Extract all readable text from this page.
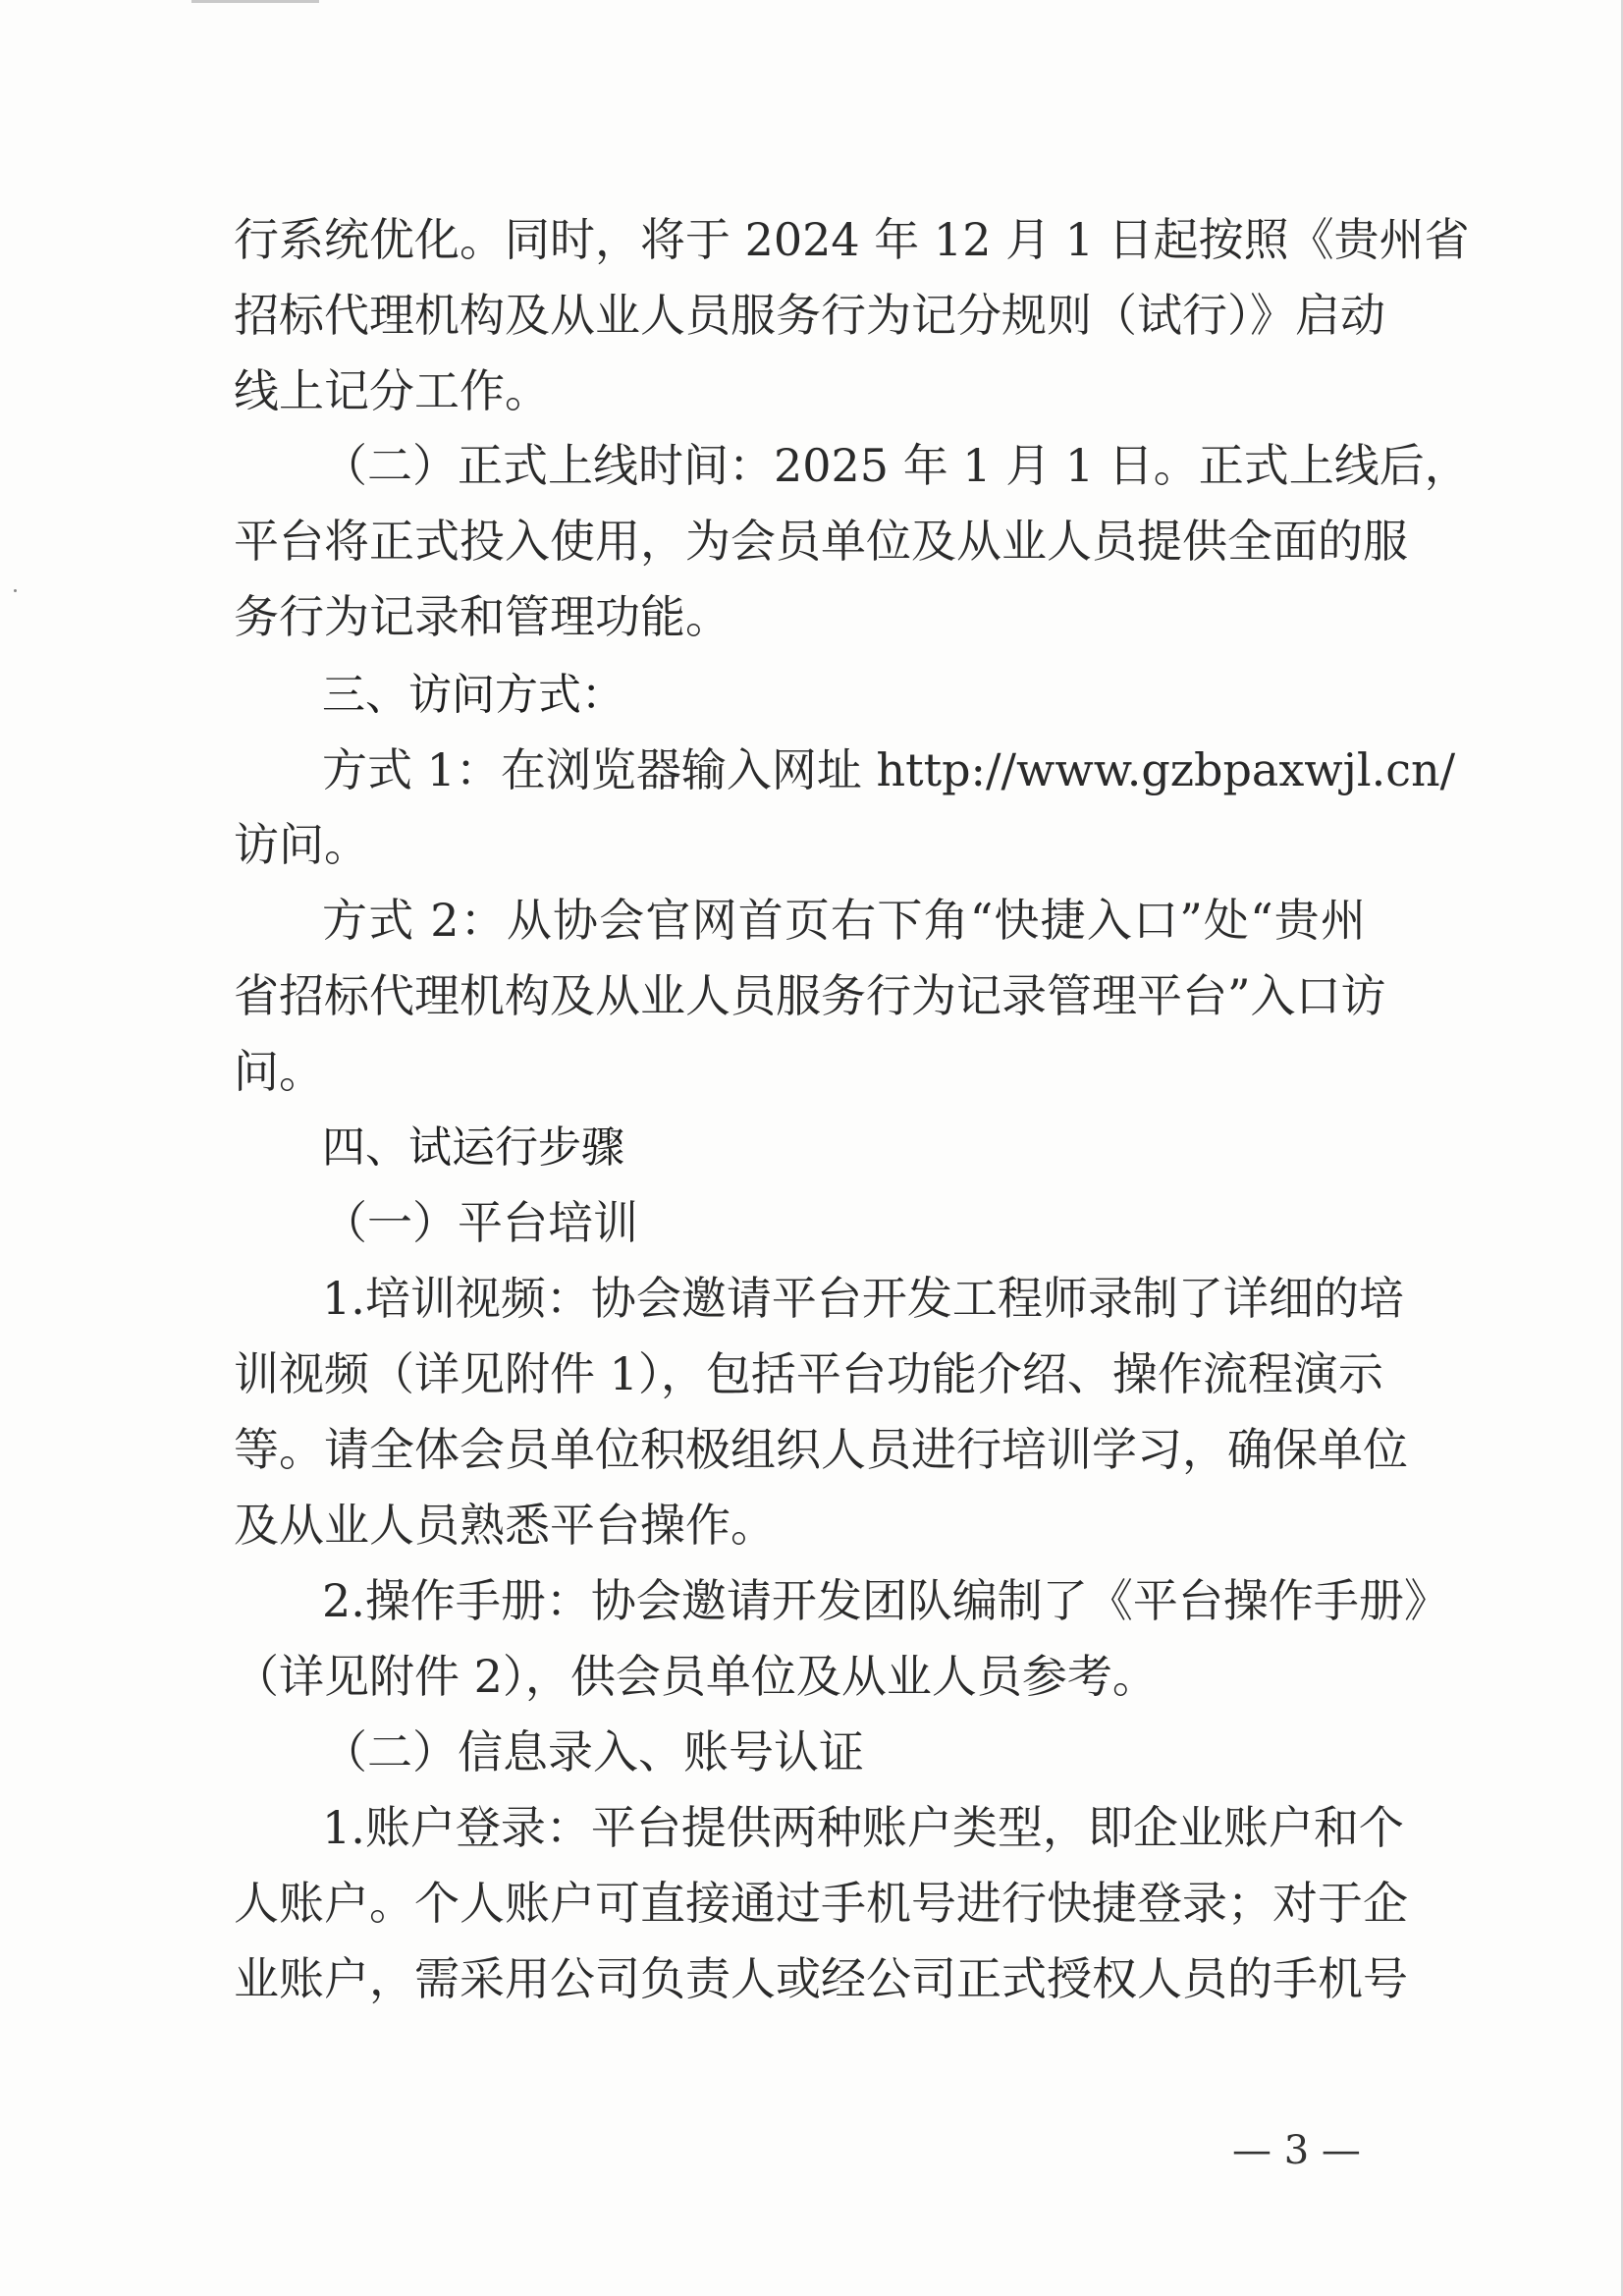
行系统优化。同时，将于 2024 年 12 月 1 日起按照《贵州省
招标代理机构及从业人员服务行为记分规则（试行）》启动
线上记分工作。
（二）正式上线时间：2025 年 1 月 1 日。正式上线后，
平台将正式投入使用，为会员单位及从业人员提供全面的服
务行为记录和管理功能。
三、访问方式：
方式 1：在浏览器输入网址 http://www.gzbpaxwjl.cn/
访问。
方式 2：从协会官网首页右下角“快捷入口”处“贵州
省招标代理机构及从业人员服务行为记录管理平台”入口访
问。
四、试运行步骤
（一）平台培训
1.培训视频：协会邀请平台开发工程师录制了详细的培
训视频（详见附件 1），包括平台功能介绍、操作流程演示
等。请全体会员单位积极组织人员进行培训学习，确保单位
及从业人员熟悉平台操作。
2.操作手册：协会邀请开发团队编制了《平台操作手册》
（详见附件 2），供会员单位及从业人员参考。
（二）信息录入、账号认证
1.账户登录：平台提供两种账户类型，即企业账户和个
人账户。个人账户可直接通过手机号进行快捷登录；对于企
业账户，需采用公司负责人或经公司正式授权人员的手机号
— 3 —
